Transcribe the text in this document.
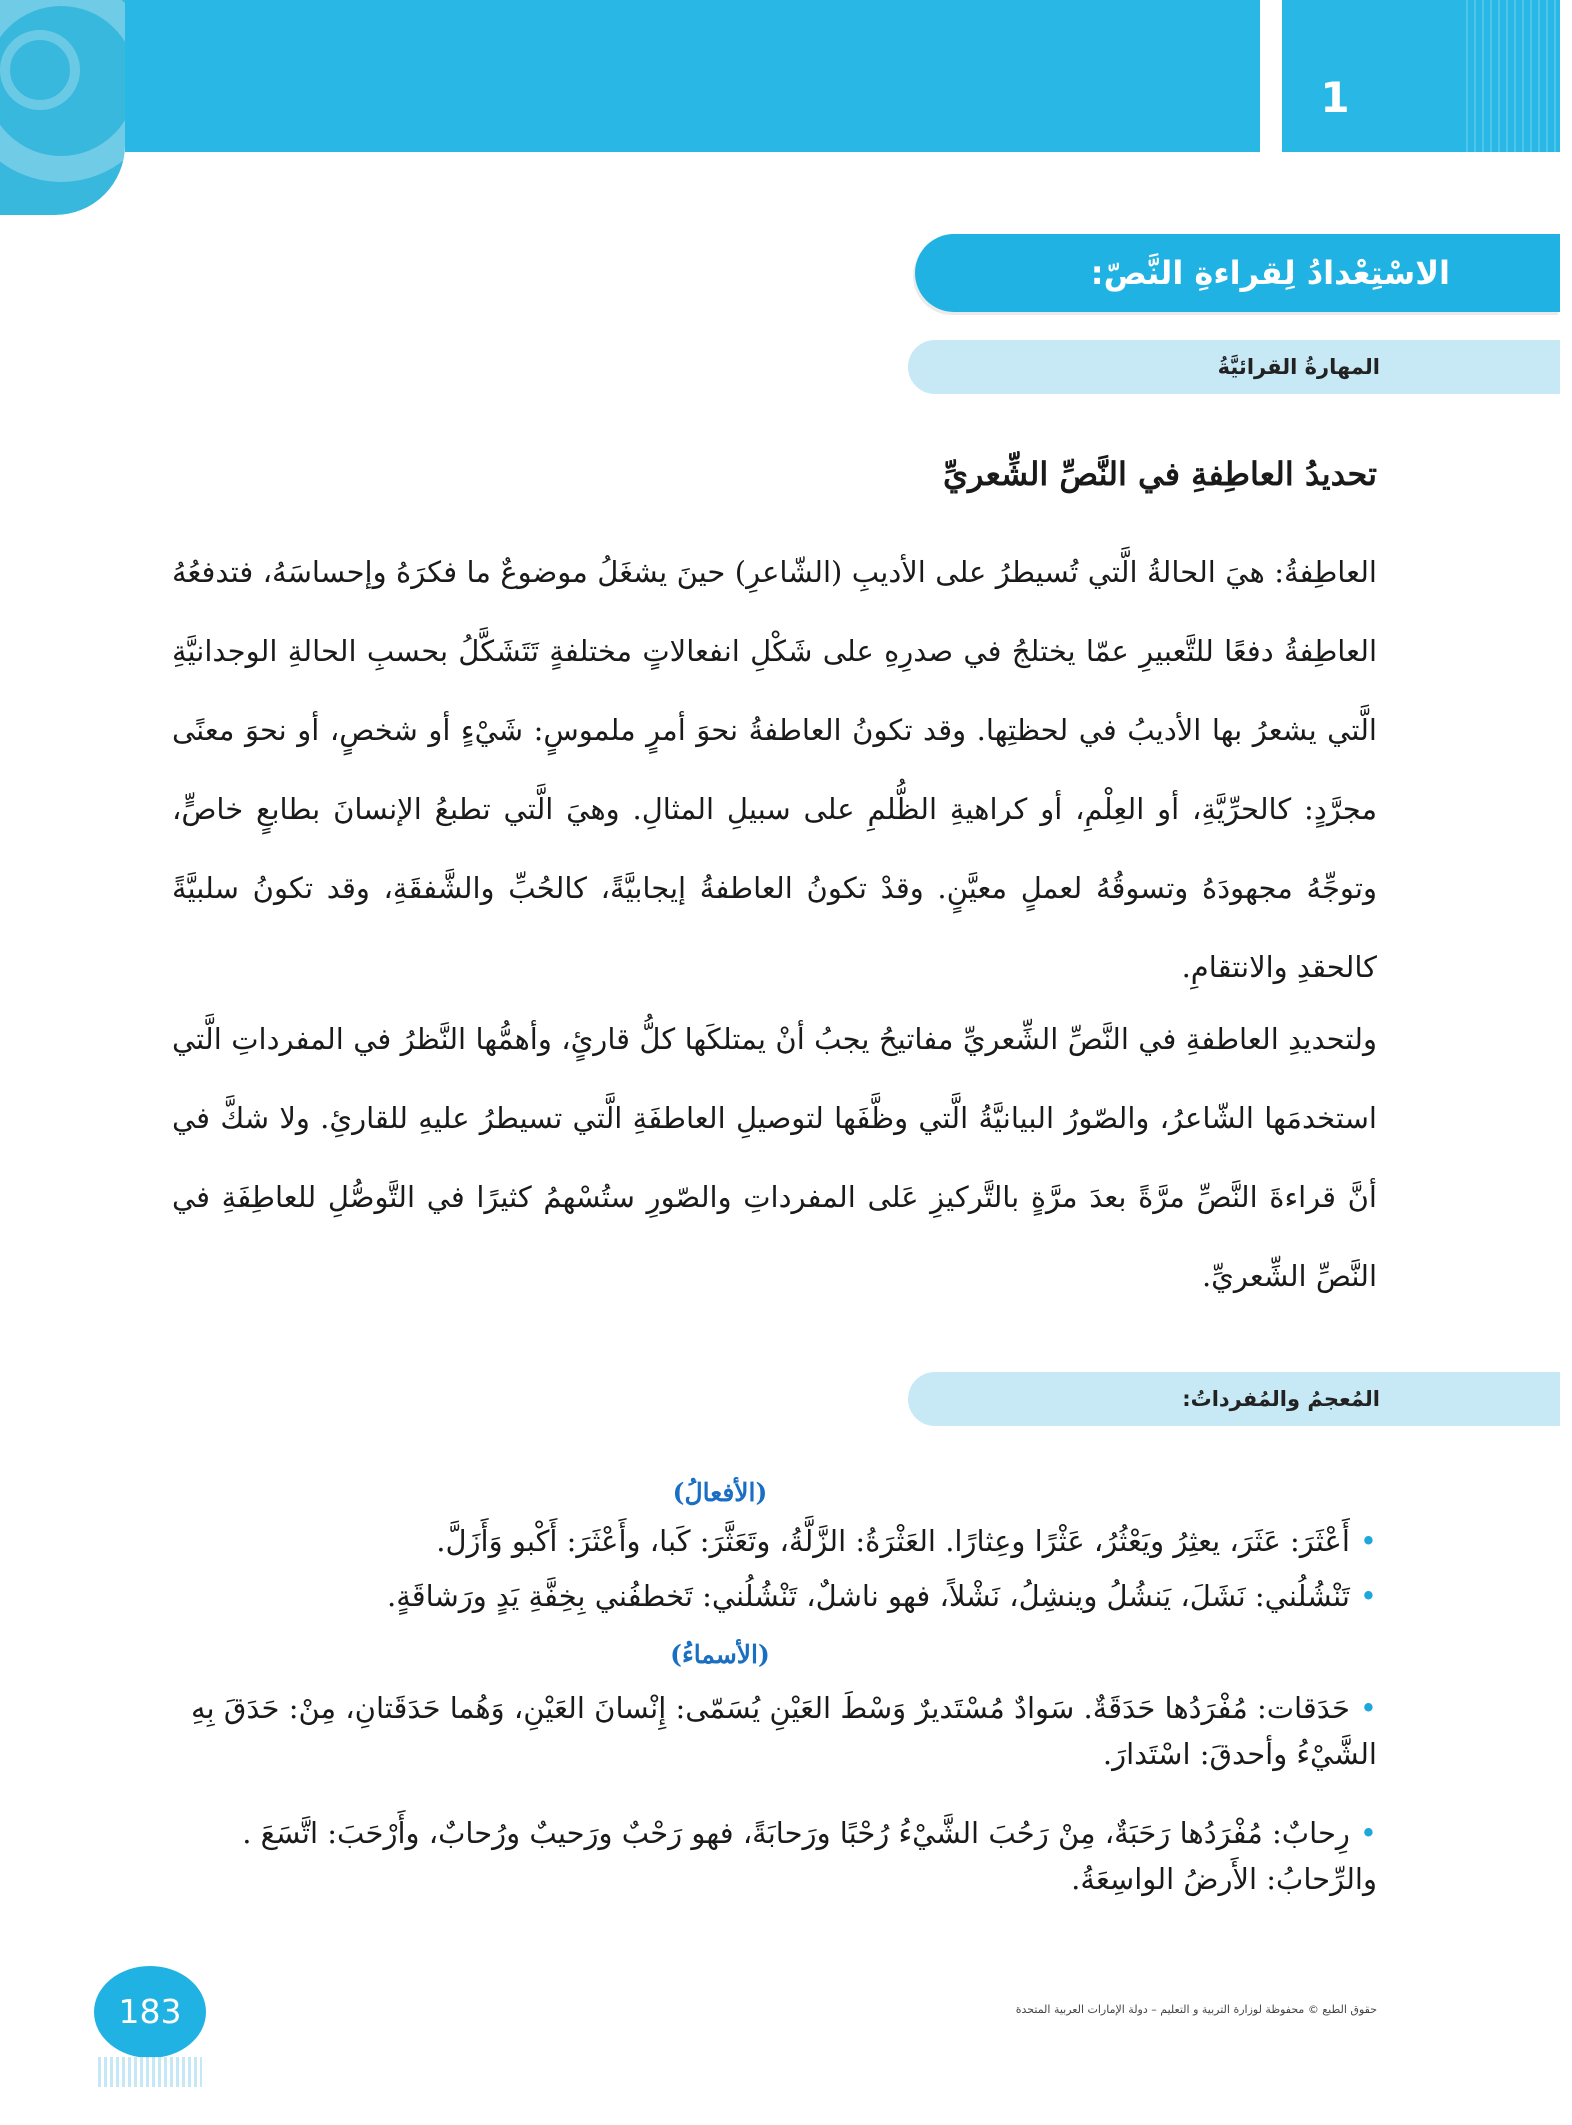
1
الاسْتِعْدادُ لِقراءةِ النَّصّ:
المهارةُ القرائيَّةُ
تحديدُ العاطِفةِ في النَّصِّ الشِّعريِّ
العاطِفةُ: هيَ الحالةُ الَّتي تُسيطرُ على الأديبِ (الشّاعرِ) حينَ يشغَلُ موضوعٌ ما فكرَهُ وإحساسَهُ، فتدفعُهُ العاطِفةُ دفعًا للتَّعبيرِ عمّا يختلجُ في صدرِهِ على شَكْلِ انفعالاتٍ مختلفةٍ تَتَشَكَّلُ بحسبِ الحالةِ الوجدانيَّةِ الَّتي يشعرُ بها الأديبُ في لحظتِها. وقد تكونُ العاطفةُ نحوَ أمرٍ ملموسٍ: شَيْءٍ أو شخصٍ، أو نحوَ معنًى مجرَّدٍ: كالحرِّيَّةِ، أو العِلْمِ، أو كراهيةِ الظُّلمِ على سبيلِ المثالِ. وهيَ الَّتي تطبعُ الإنسانَ بطابعٍ خاصٍّ، وتوجِّهُ مجهودَهُ وتسوقُهُ لعملٍ معيَّنٍ. وقدْ تكونُ العاطفةُ إيجابيَّةً، كالحُبِّ والشَّفقَةِ، وقد تكونُ سلبيَّةً كالحقدِ والانتقامِ.
ولتحديدِ العاطفةِ في النَّصِّ الشِّعريِّ مفاتيحُ يجبُ أنْ يمتلكَها كلُّ قارئٍ، وأهمُّها النَّظرُ في المفرداتِ الَّتي استخدمَها الشّاعرُ، والصّورُ البيانيَّةُ الَّتي وظَّفَها لتوصيلِ العاطفَةِ الَّتي تسيطرُ عليهِ للقارئِ. ولا شكَّ في أنَّ قراءةَ النَّصِّ مرَّةً بعدَ مرَّةٍ بالتَّركيزِ عَلى المفرداتِ والصّورِ ستُسْهمُ كثيرًا في التَّوصُّلِ للعاطِفَةِ في النَّصِّ الشِّعريِّ.
المُعجمُ والمُفرداتُ:
(الأفعالُ)
•أَعْثَرَ: عَثَرَ، يعثِرُ ويَعْثُرُ، عَثْرًا وعِثارًا. العَثْرَةُ: الزَّلَّةُ، وتَعَثَّرَ: كَبا، وأَعْثَرَ: أَكْبو وَأَزَلَّ.
•تَنْشُلُني: نَشَلَ، يَنشُلُ وينشِلُ، نَشْلاً، فهو ناشلٌ، تَنْشُلُني: تَخطفُني بِخِفَّةِ يَدٍ ورَشاقَةٍ.
(الأسماءُ)
•حَدَقات: مُفْرَدُها حَدَقَةٌ. سَوادٌ مُسْتَديرٌ وَسْطَ العَيْنِ يُسَمّى: إِنْسانَ العَيْنِ، وَهُما حَدَقَتانِ، مِنْ: حَدَقَ بِهِ الشَّيْءُ وأحدقَ: اسْتَدارَ.
•رِحابٌ: مُفْرَدُها رَحَبَةٌ، مِنْ رَحُبَ الشَّيْءُ رُحْبًا ورَحابَةً، فهو رَحْبٌ ورَحيبٌ ورُحابٌ، وأَرْحَبَ: اتَّسَعَ . والرِّحابُ: الأَرضُ الواسِعَةُ.
183	حقوق الطبع © محفوظة لوزارة التربية و التعليم – دولة الإمارات العربية المتحدة
